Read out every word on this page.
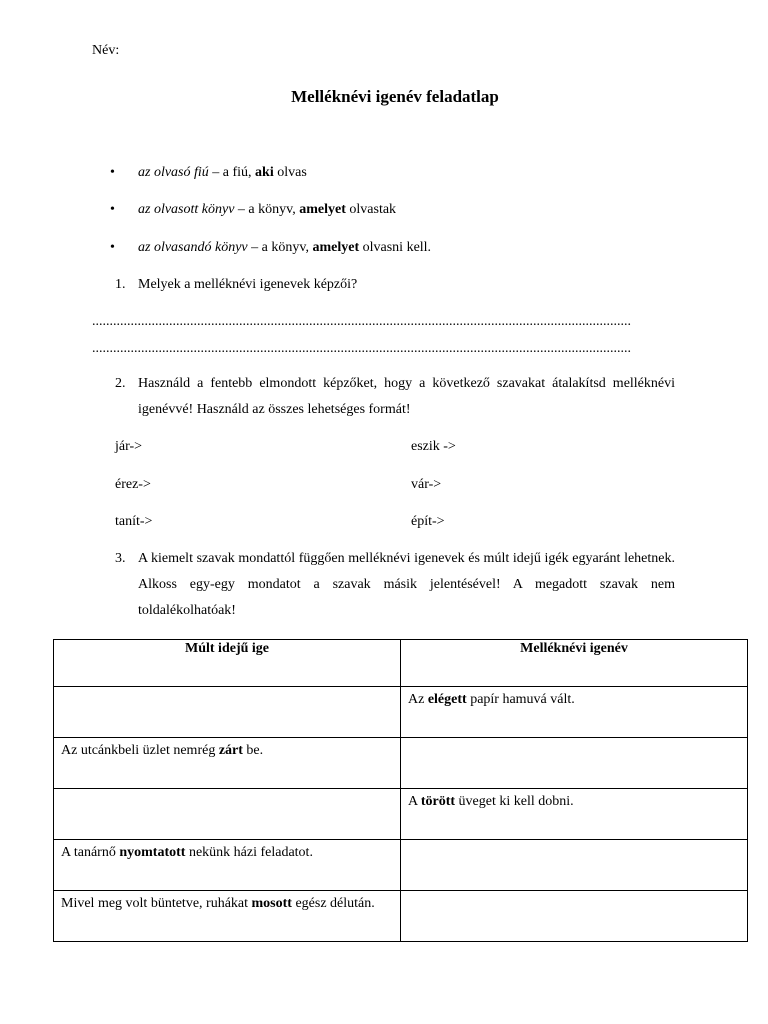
Név:
Melléknévi igenév feladatlap
• az olvasó fiú – a fiú, aki olvas
• az olvasott könyv – a könyv, amelyet olvastak
• az olvasandó könyv – a könyv, amelyet olvasni kell.
1. Melyek a melléknévi igenevek képzői?
..........................................................................................................................................................
..........................................................................................................................................................
2. Használd a fentebb elmondott képzőket, hogy a következő szavakat átalakítsd melléknévi igenévvé! Használd az összes lehetséges formát!
jár->	eszik ->
érez->	vár->
tanít->	épít->
3. A kiemelt szavak mondattól függően melléknévi igenevek és múlt idejű igék egyaránt lehetnek. Alkoss egy-egy mondatot a szavak másik jelentésével! A megadott szavak nem toldalékolhatóak!
Múlt idejű ige	Melléknévi igenév
	Az elégett papír hamuvá vált.
Az utcánkbeli üzlet nemrég zárt be.	
	A törött üveget ki kell dobni.
A tanárnő nyomtatott nekünk házi feladatot.	
Mivel meg volt büntetve, ruhákat mosott egész délután.	
